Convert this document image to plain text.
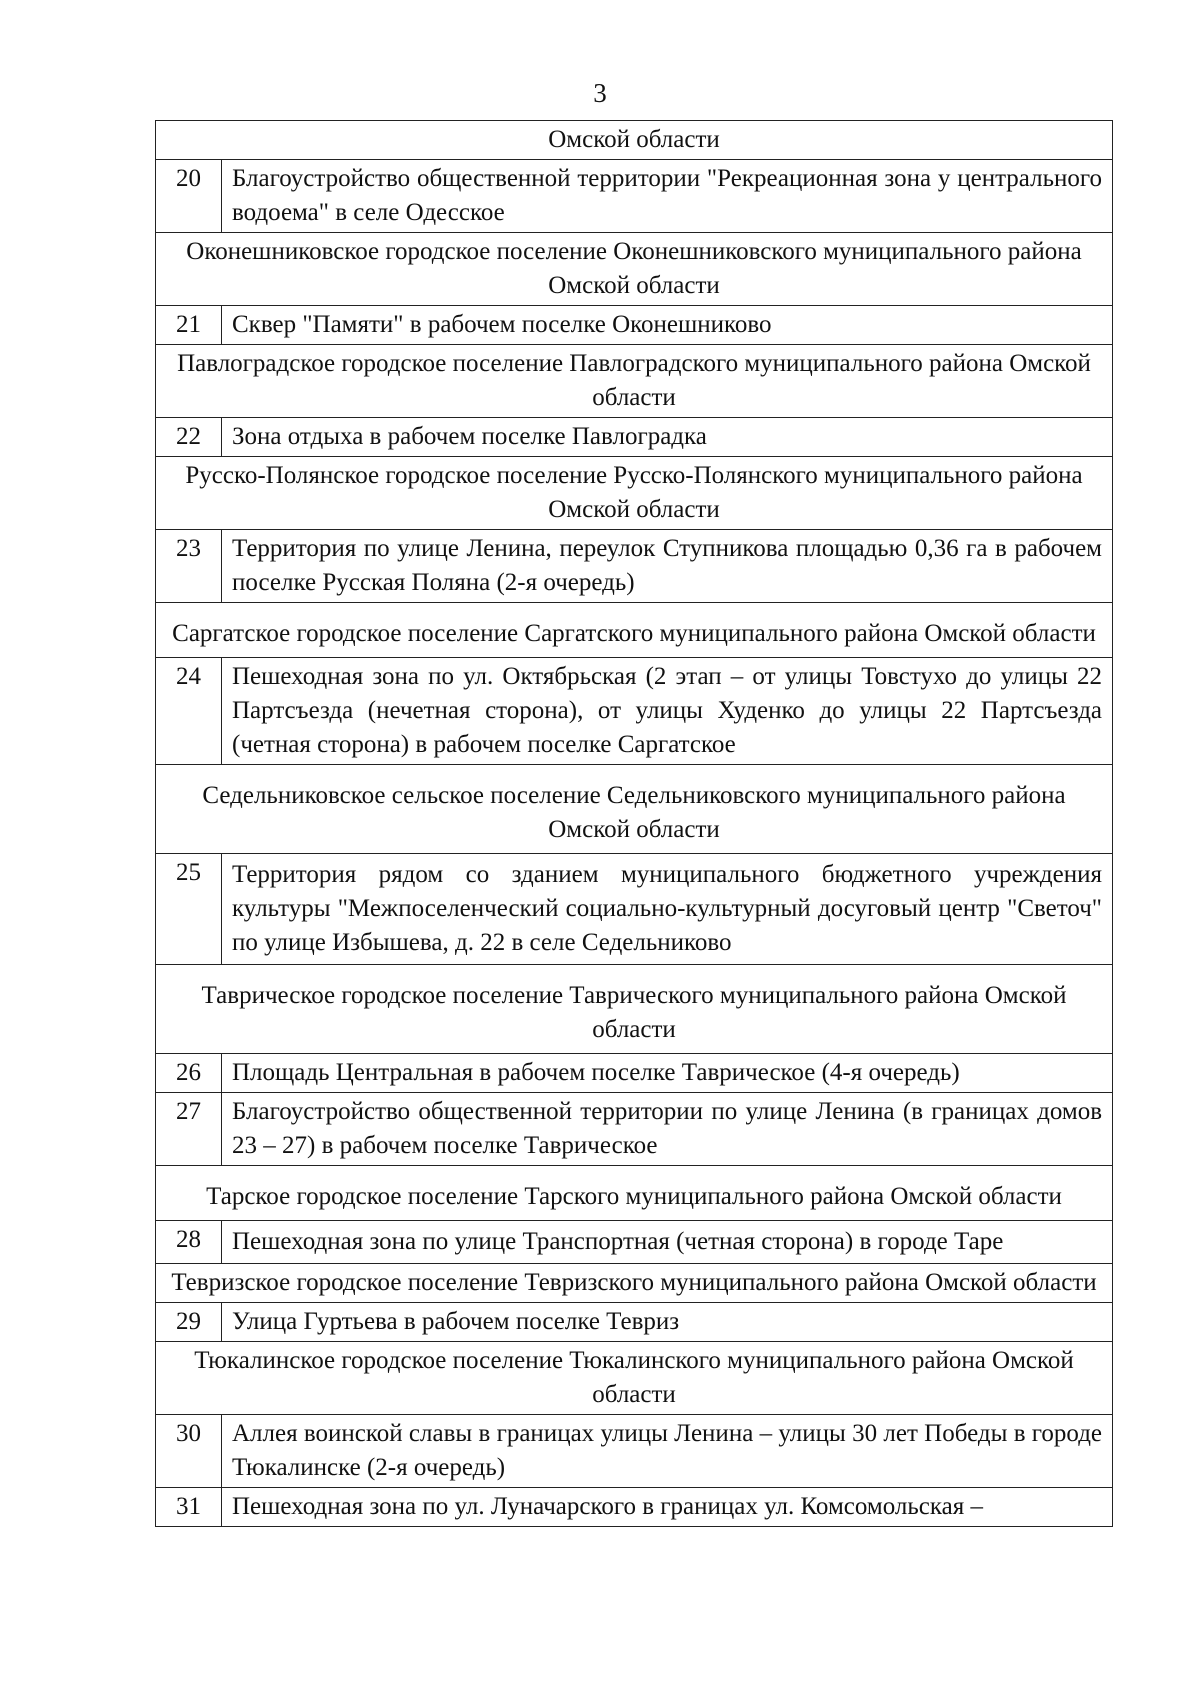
3
Омской области	
20	Благоустройство общественной территории "Рекреационная зона у центрального водоема" в селе Одесское
Оконешниковское городское поселение Оконешниковского муниципального района Омской области	
21	Сквер "Памяти" в рабочем поселке Оконешниково
Павлоградское городское поселение Павлоградского муниципального района Омской области	
22	Зона отдыха в рабочем поселке Павлоградка
Русско-Полянское городское поселение Русско-Полянского муниципального района Омской области	
23	Территория по улице Ленина, переулок Ступникова площадью 0,36 га в рабочем поселке Русская Поляна (2-я очередь)
Саргатское городское поселение Саргатского муниципального района Омской области	
24	Пешеходная зона по ул. Октябрьская (2 этап – от улицы Товстухо до улицы 22 Партсъезда (нечетная сторона), от улицы Худенко до улицы 22 Партсъезда (четная сторона) в рабочем поселке Саргатское
Седельниковское сельское поселение Седельниковского муниципального района Омской области	
25	Территория рядом со зданием муниципального бюджетного учреждения культуры "Межпоселенческий социально-культурный досуговый центр "Светоч" по улице Избышева, д. 22 в селе Седельниково
Таврическое городское поселение Таврического муниципального района Омской области	
26	Площадь Центральная в рабочем поселке Таврическое (4-я очередь)
27	Благоустройство общественной территории по улице Ленина (в границах домов 23 – 27) в рабочем поселке Таврическое
Тарское городское поселение Тарского муниципального района Омской области	
28	Пешеходная зона по улице Транспортная (четная сторона) в городе Таре
Тевризское городское поселение Тевризского муниципального района Омской области	
29	Улица Гуртьева в рабочем поселке Тевриз
Тюкалинское городское поселение Тюкалинского муниципального района Омской области	
30	Аллея воинской славы в границах улицы Ленина – улицы 30 лет Победы в городе Тюкалинске (2-я очередь)
31	Пешеходная зона по ул. Луначарского в границах ул. Комсомольская –
